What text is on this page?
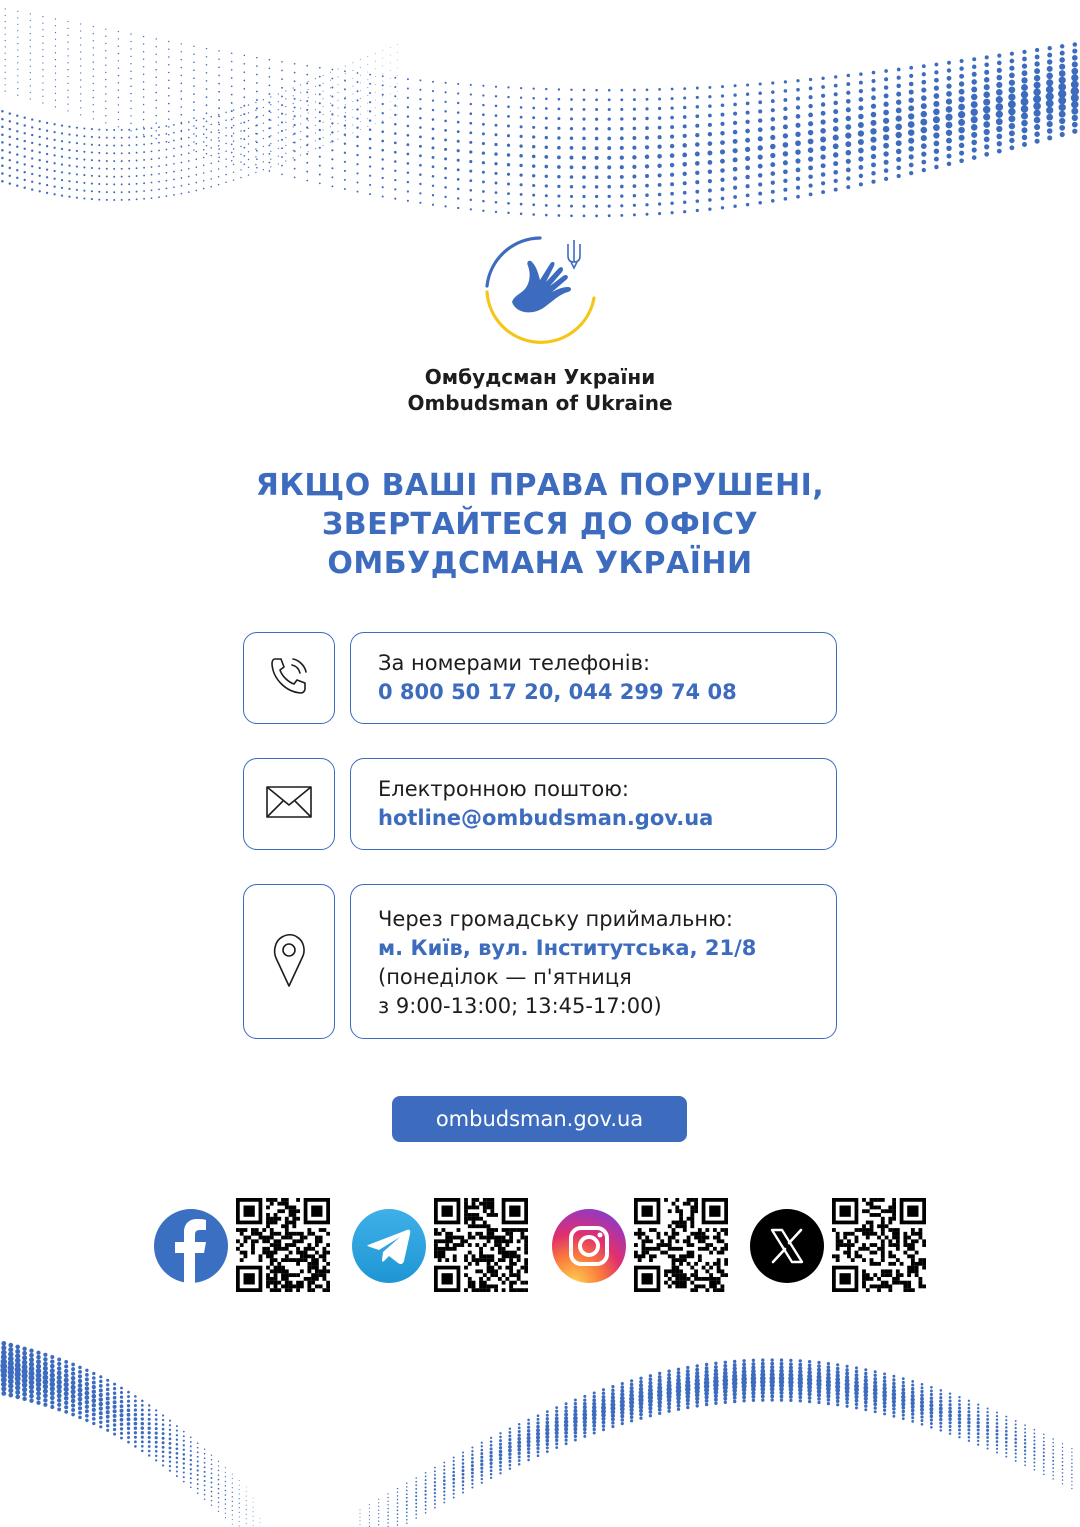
Омбудсман України
Ombudsman of Ukraine
ЯКЩО ВАШІ ПРАВА ПОРУШЕНІ,
ЗВЕРТАЙТЕСЯ ДО ОФІСУ
ОМБУДСМАНА УКРАЇНИ
За номерами телефонів:
0 800 50 17 20, 044 299 74 08
Електронною поштою:
hotline@ombudsman.gov.ua
Через громадську приймальню:
м. Київ, вул. Інститутська, 21/8
(понеділок — п'ятниця
з 9:00-13:00; 13:45-17:00)
ombudsman.gov.ua
